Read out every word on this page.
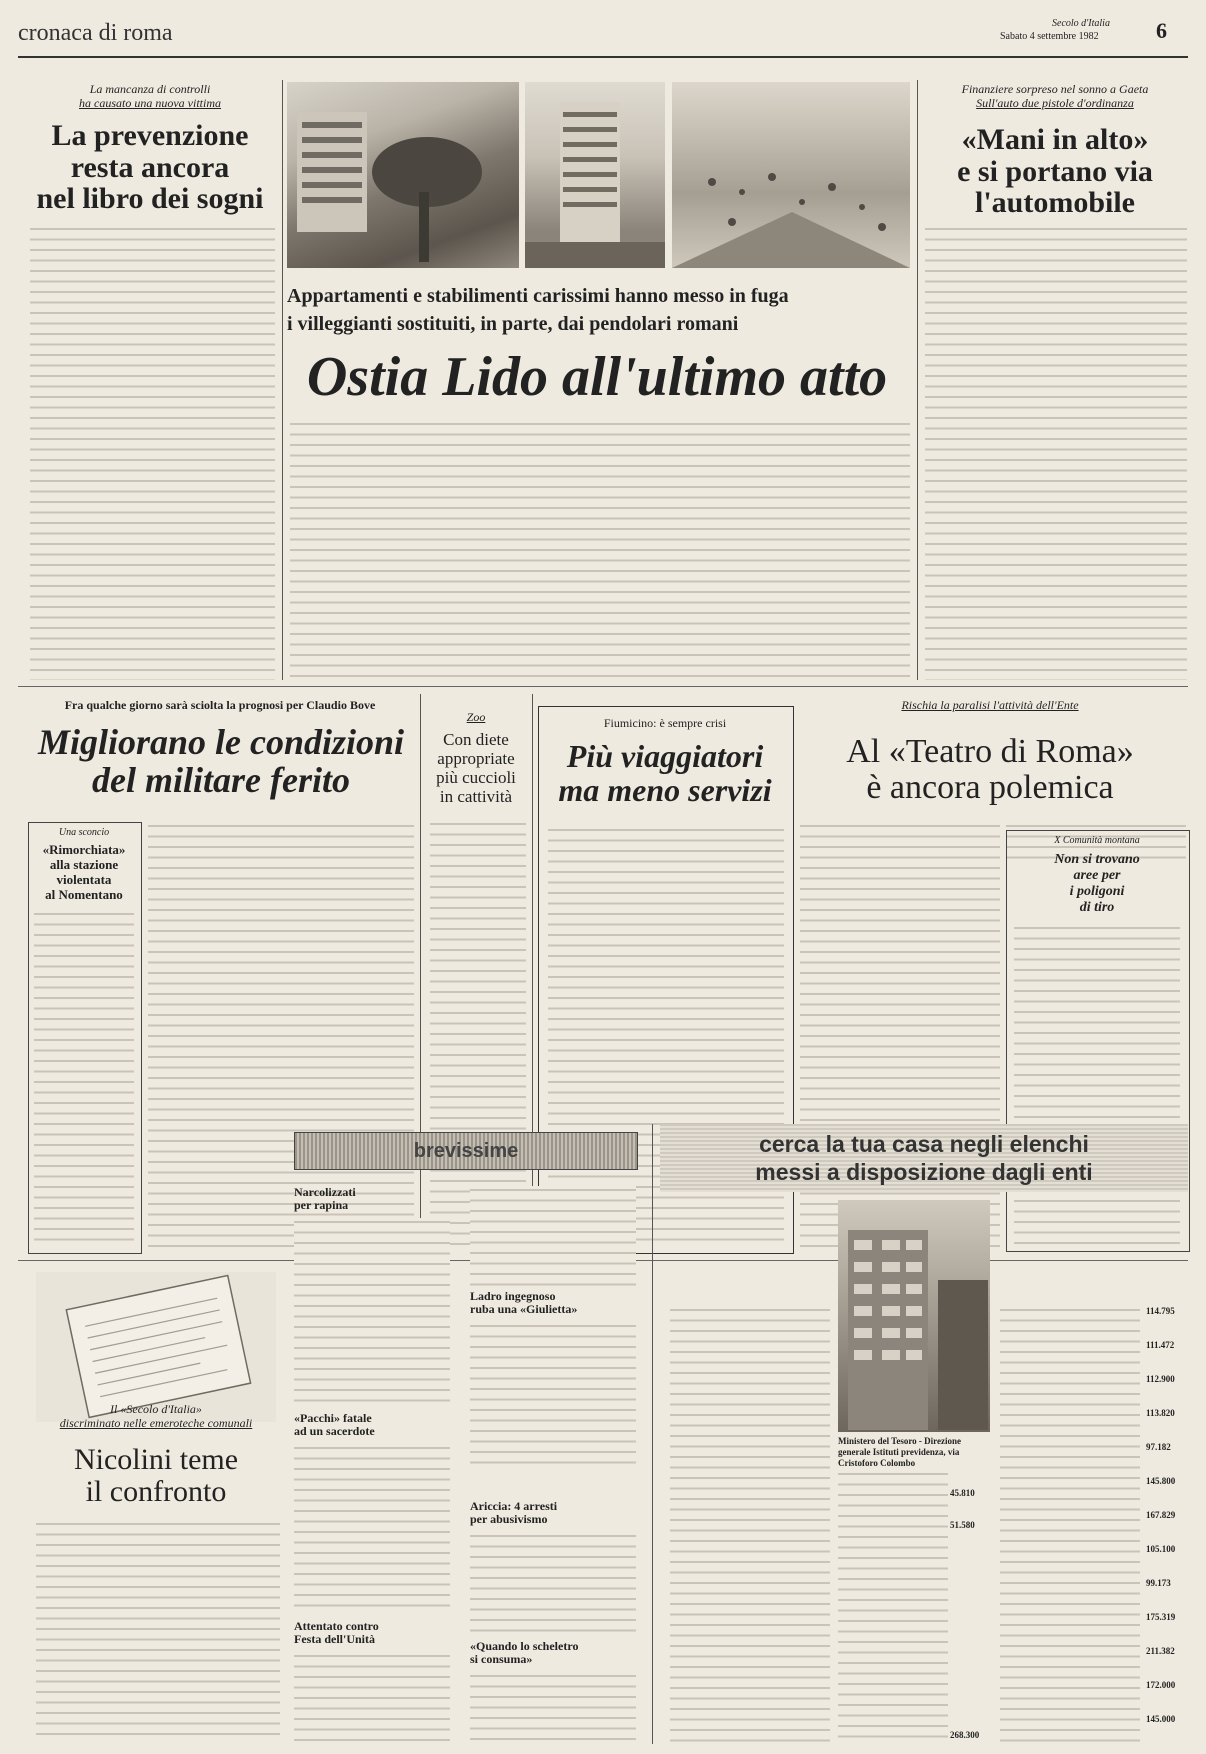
cronaca di roma	Secolo d'Italia
Sabato 4 settembre 1982	6
La mancanza di controlli
ha causato una nuova vittima
La prevenzione
resta ancora
nel libro dei sogni
Appartamenti e stabilimenti carissimi hanno messo in fuga
i villeggianti sostituiti, in parte, dai pendolari romani
Ostia Lido all'ultimo atto
Finanziere sorpreso nel sonno a Gaeta
Sull'auto due pistole d'ordinanza
«Mani in alto»
e si portano via
l'automobile
Fra qualche giorno sarà sciolta la prognosi per Claudio Bove
Migliorano le condizioni
del militare ferito
Una sconcio
«Rimorchiata»
alla stazione
violentata
al Nomentano
Zoo
Con diete
appropriate
più cuccioli
in cattività
Fiumicino: è sempre crisi
Più viaggiatori
ma meno servizi
Rischia la paralisi l'attività dell'Ente
Al «Teatro di Roma»
è ancora polemica
X Comunità montana
Non si trovano
aree per
i poligoni
di tiro
Il «Secolo d'Italia»
discriminato nelle emeroteche comunali
Nicolini teme
il confronto
brevissime
Narcolizzati
per rapina
«Pacchi» fatale
ad un sacerdote
Attentato contro
Festa dell'Unità
Ladro ingegnoso
ruba una «Giulietta»
Ariccia: 4 arresti
per abusivismo
«Quando lo scheletro
si consuma»
cerca la tua casa negli elenchi
messi a disposizione dagli enti
Ministero del Tesoro - Direzione generale Istituti previdenza, via Cristoforo Colombo
45.810
51.580
268.300
114.795
111.472
112.900
113.820
97.182
145.800
167.829
105.100
99.173
175.319
211.382
172.000
145.000
